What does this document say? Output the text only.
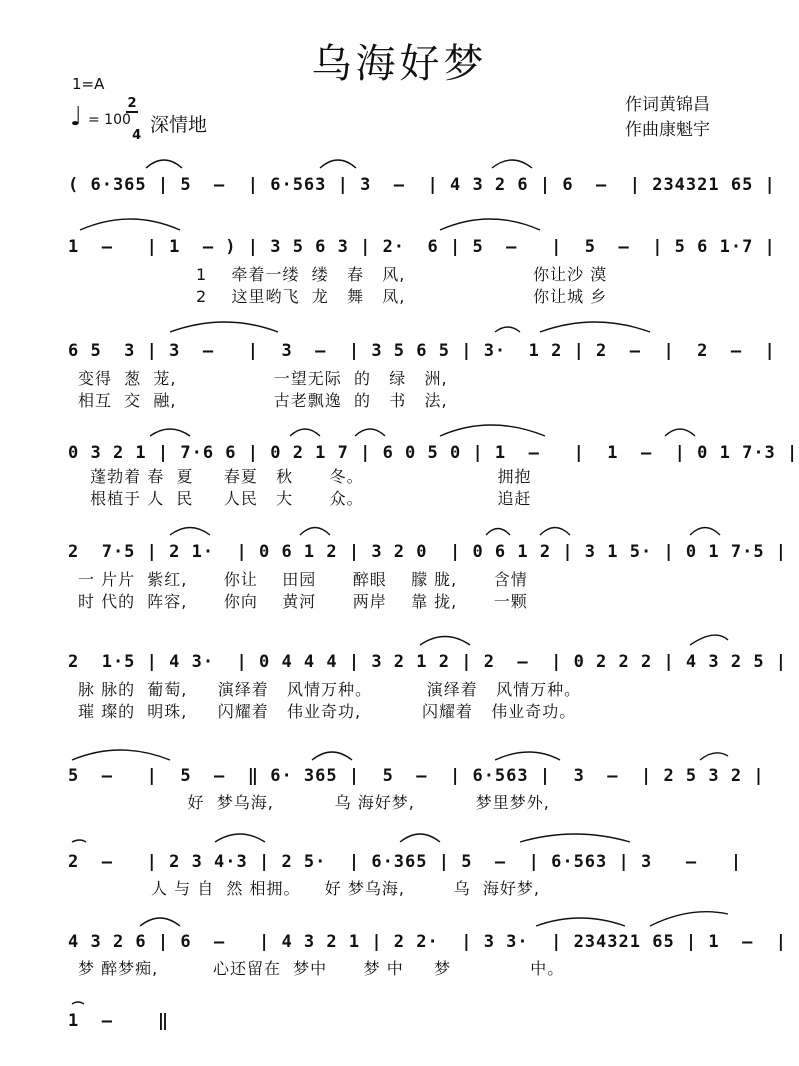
乌海好梦
1=A

$\frac{2}{4}$

♩ = 100 深情地
作词黄锦昌
作曲康魁宇
( 6·365 | 5  –  | 6·563 | 3  –  | 4 3 2 6 | 6  –  | 234321 65 |
1  –   | 1  – ) | 3 5 6 3 | 2·  6 | 5  –   |  5  –  | 5 6 1·7 |
1    牵着一缕  缕   春   风,                     你让沙 漠
2    这里哟飞  龙   舞   凤,                     你让城 乡
6 5  3 | 3  –   |  3  –  | 3 5 6 5 | 3·  1 2 | 2  –  |  2  –  |
变得  葱  茏,                一望无际  的   绿   洲,
相互  交  融,                古老飘逸  的   书   法,
0 3 2 1 | 7·6 6 | 0 2 1 7 | 6 0 5 0 | 1  –   |  1  –  | 0 1 7·3 |
蓬勃着 春  夏     春夏   秋      冬。                      拥抱
根植于 人  民     人民   大      众。                      追赶
2  7·5 | 2 1·  | 0 6 1 2 | 3 2 0  | 0 6 1 2 | 3 1 5· | 0 1 7·5 |
一 片片  紫红,      你让    田园      醉眼    朦 胧,      含情
时 代的  阵容,      你向    黄河      两岸    靠 拢,      一颗
2  1·5 | 4 3·  | 0 4 4 4 | 3 2 1 2 | 2  –  | 0 2 2 2 | 4 3 2 5 |
脉 脉的  葡萄,     演绎着   风情万种。         演绎着   风情万种。
璀 璨的  明珠,     闪耀着   伟业奇功,          闪耀着   伟业奇功。
5  –   |  5  –  ‖ 6· 365 |  5  –  | 6·563 |  3  –  | 2 5 3 2 |
好  梦乌海,          乌 海好梦,          梦里梦外,
2  –   | 2 3 4·3 | 2 5·  | 6·365 | 5  –  | 6·563 | 3   –   |
人 与 自  然 相拥。    好 梦乌海,        乌  海好梦,
4 3 2 6 | 6  –   | 4 3 2 1 | 2 2·  | 3 3·  | 234321 65 | 1  –  |
梦 醉梦痴,         心还留在  梦中      梦 中     梦             中。
1  –    ‖
